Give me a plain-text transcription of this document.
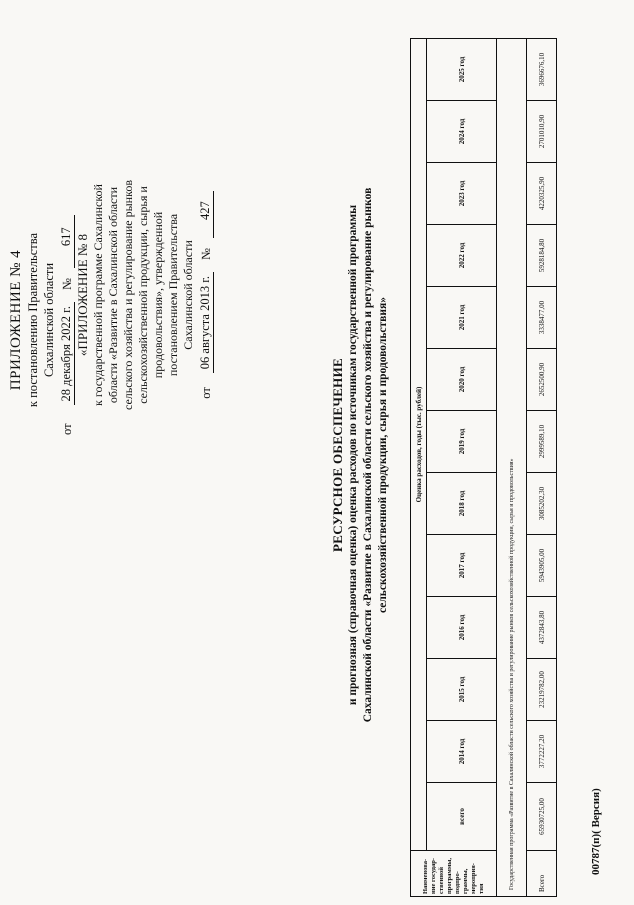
ПРИЛОЖЕНИЕ № 4 к постановлению Правительства Сахалинской области
от
28 декабря 2022 г.
№
617 «ПРИЛОЖЕНИЕ № 8 к государственной программе Сахалинской области «Развитие в Сахалинской области сельского хозяйства и регулирование рынков сельскохозяйственной продукции, сырья и продовольствия», утвержденной постановлением Правительства Сахалинской области
от
06 августа 2013 г.
№
427
РЕСУРСНОЕ ОБЕСПЕЧЕНИЕ и прогнозная (справочная оценка) оценка расходов по источникам государственной программы Сахалинской области «Развитие в Сахалинской области сельского хозяйства и регулирование рынков сельскохозяйственной продукции, сырья и продовольствия»
Наименова- ние государ- ственной программы, подпро- граммы, мероприя- тия	Оценка расходов, годы (тыс. рублей)												
	всего	2014 год	2015 год	2016 год	2017 год	2018 год	2019 год	2020 год	2021 год	2022 год	2023 год	2024 год	2025 год
Государственная программа «Развитие в Сахалинской области сельского хозяйства и регулирование рынков сельскохозяйственной продукции, сырья и продовольствия»													
Всего	65930725,00	3772227,20	23219782,00	4372843,80	5943905,00	3085202,30	2999589,10	2652500,90	3338477,00	5928184,80	4220325,90	2701010,90	3696676,10
00787(п)( Версия)
